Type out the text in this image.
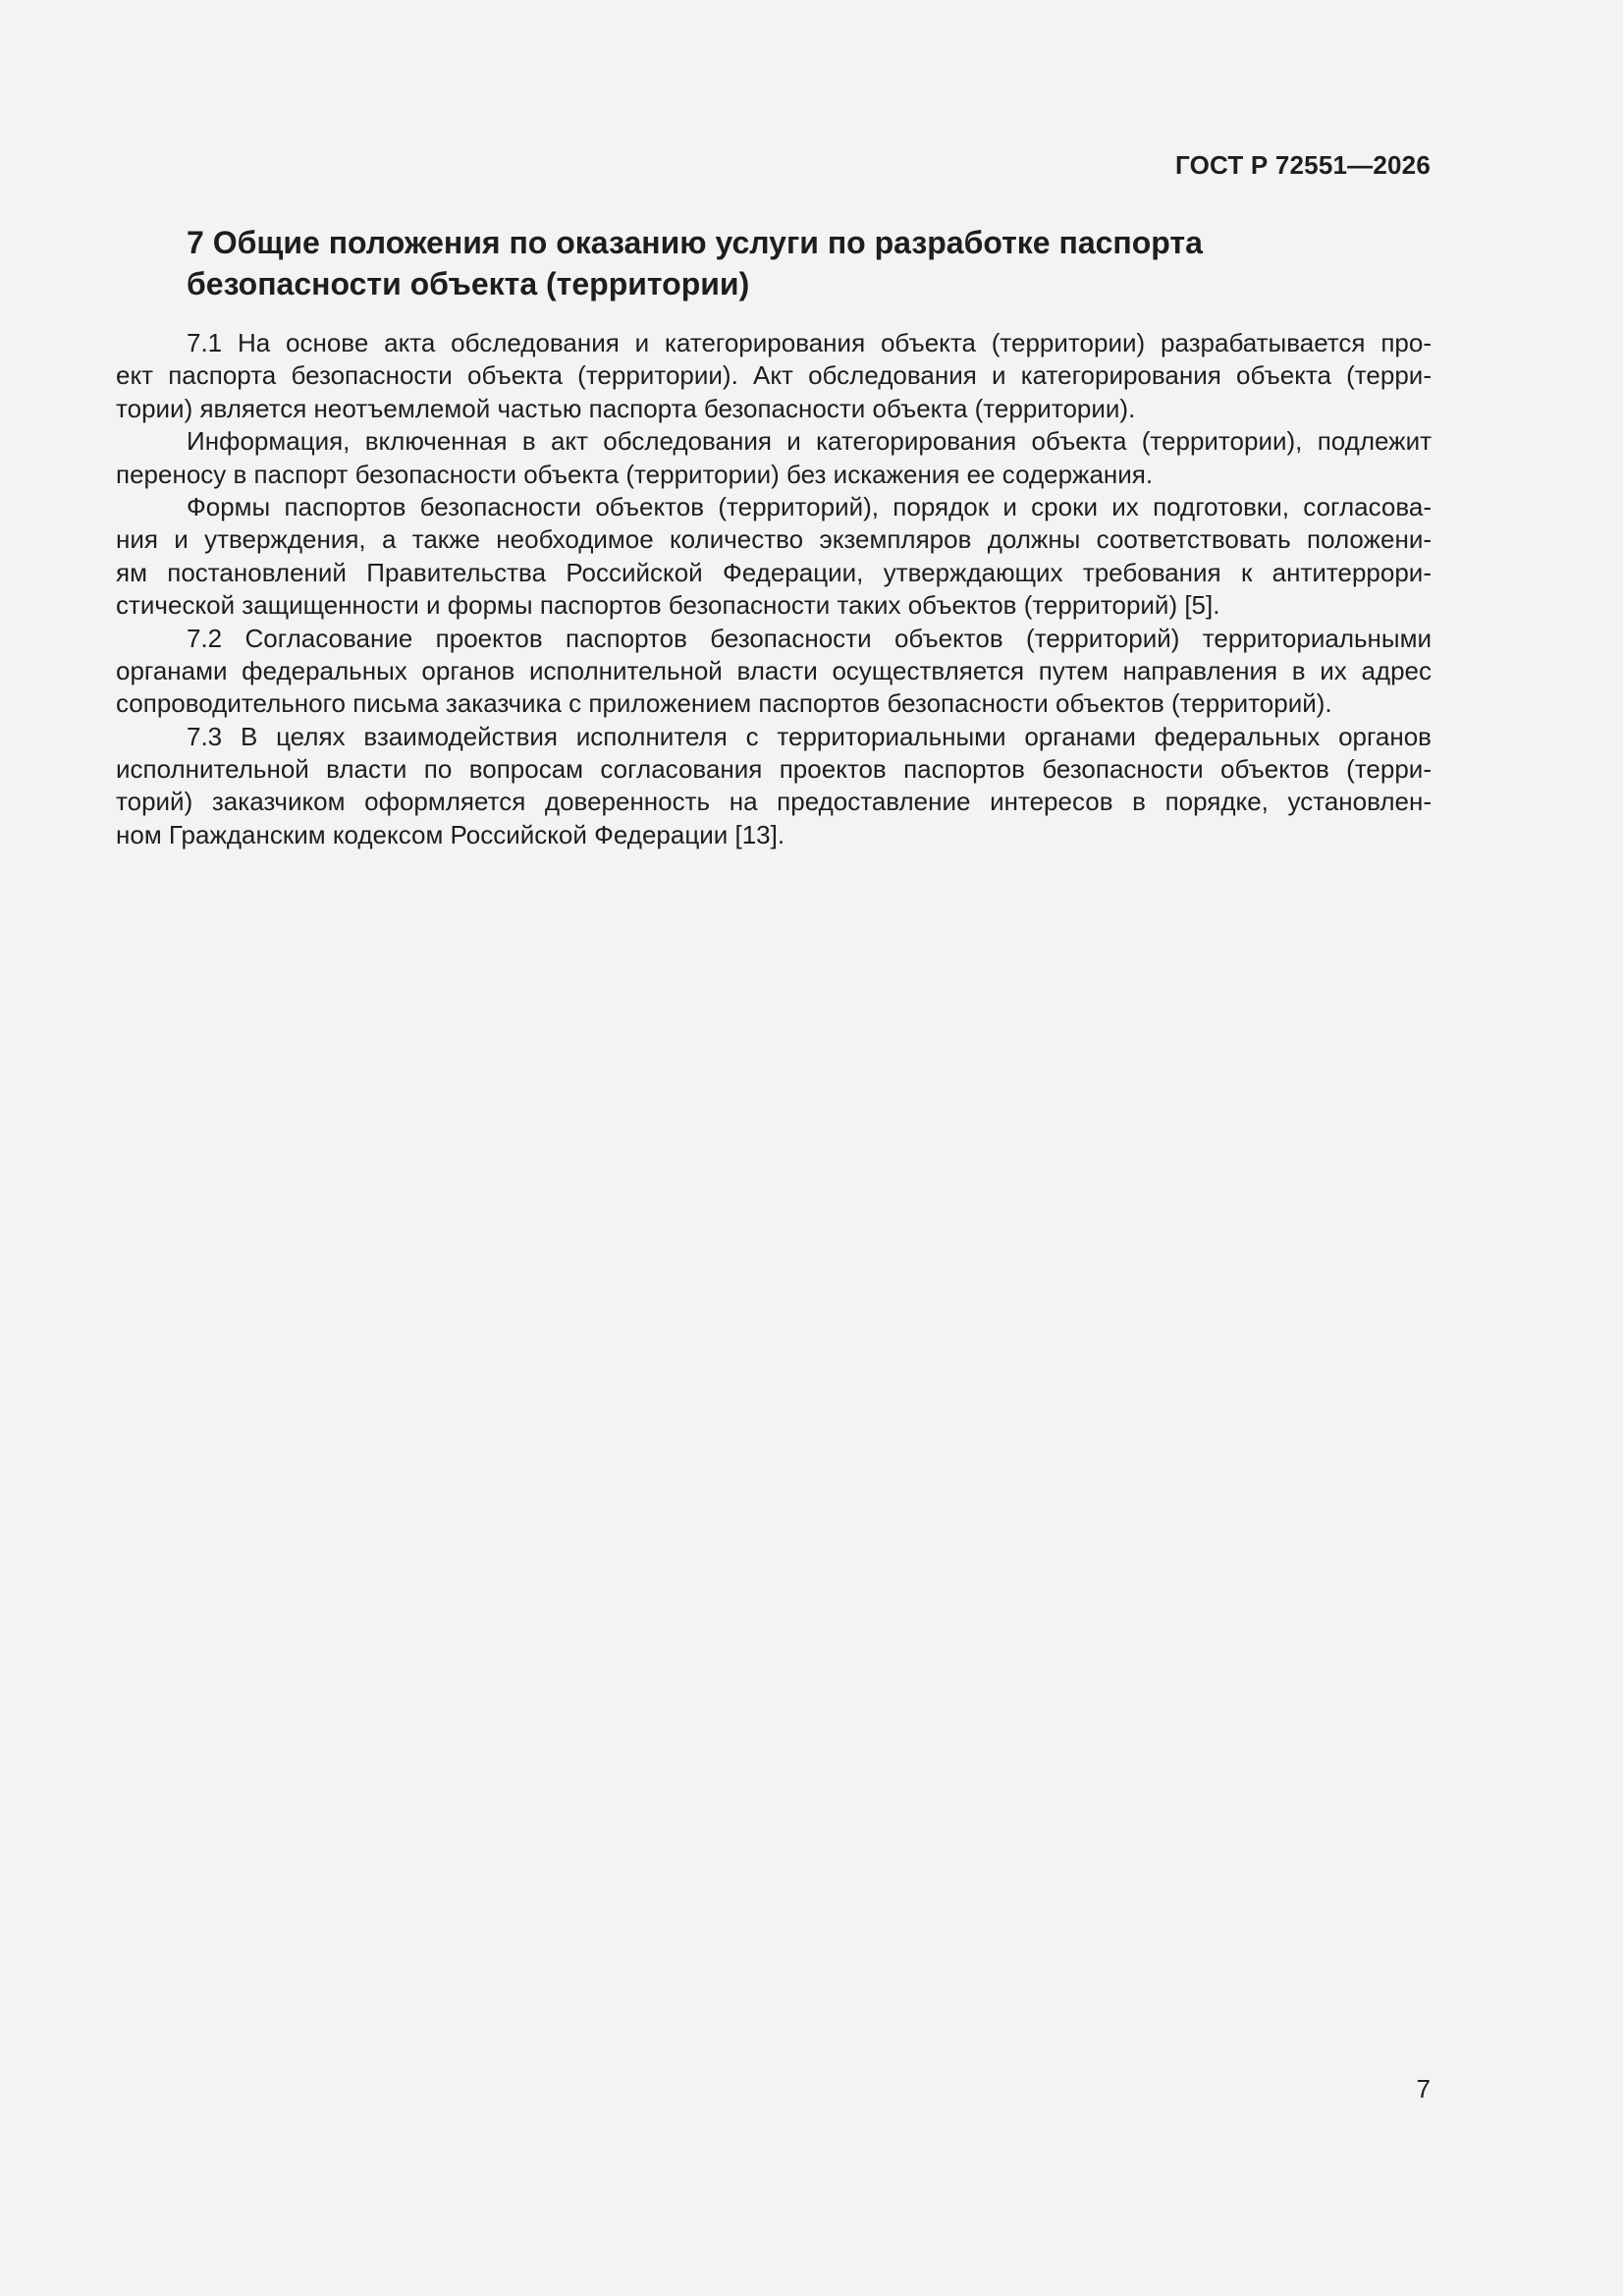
ГОСТ Р 72551—2026
7 Общие положения по оказанию услуги по разработке паспорта
безопасности объекта (территории)
7.1 На основе акта обследования и категорирования объекта (территории) разрабатывается про-
ект паспорта безопасности объекта (территории). Акт обследования и категорирования объекта (терри-
тории) является неотъемлемой частью паспорта безопасности объекта (территории).
Информация, включенная в акт обследования и категорирования объекта (территории), подлежит
переносу в паспорт безопасности объекта (территории) без искажения ее содержания.
Формы паспортов безопасности объектов (территорий), порядок и сроки их подготовки, согласова-
ния и утверждения, а также необходимое количество экземпляров должны соответствовать положени-
ям постановлений Правительства Российской Федерации, утверждающих требования к антитеррори-
стической защищенности и формы паспортов безопасности таких объектов (территорий) [5].
7.2 Согласование проектов паспортов безопасности объектов (территорий) территориальными
органами федеральных органов исполнительной власти осуществляется путем направления в их адрес
сопроводительного письма заказчика с приложением паспортов безопасности объектов (территорий).
7.3 В целях взаимодействия исполнителя с территориальными органами федеральных органов
исполнительной власти по вопросам согласования проектов паспортов безопасности объектов (терри-
торий) заказчиком оформляется доверенность на предоставление интересов в порядке, установлен-
ном Гражданским кодексом Российской Федерации [13].
7
